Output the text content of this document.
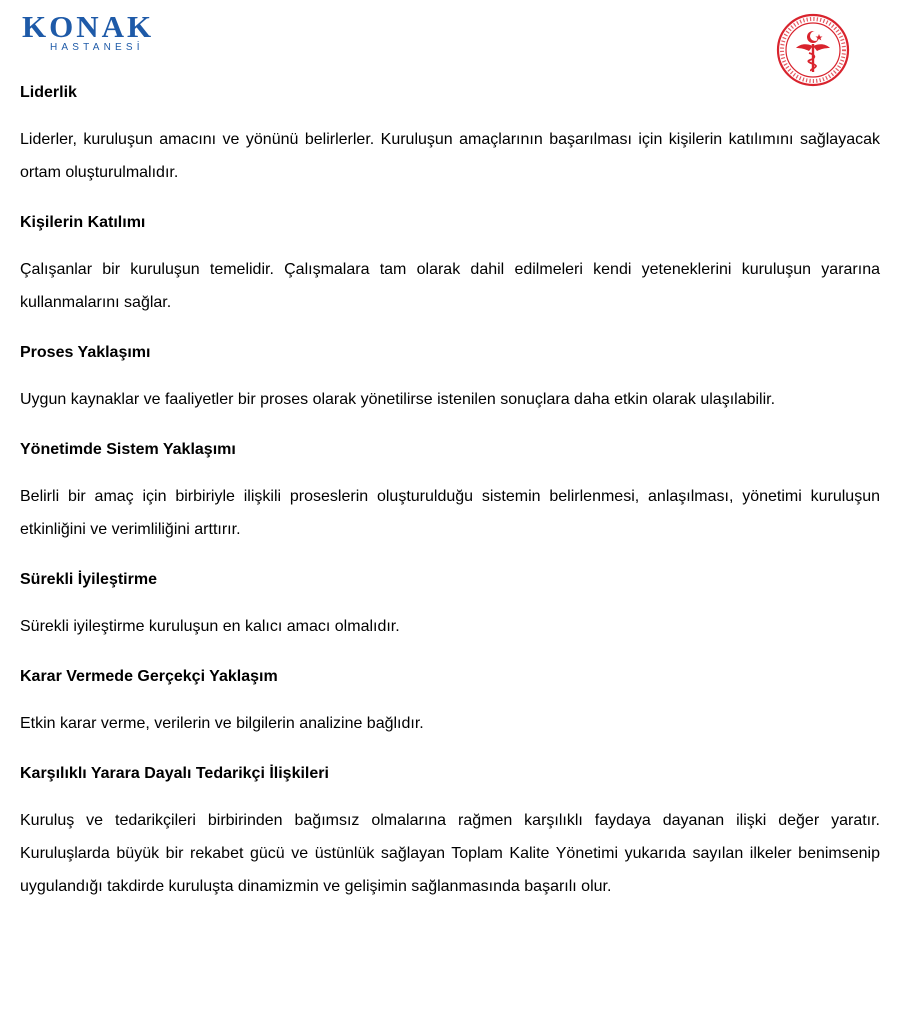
KONAK
HASTANESİ
Liderlik
Liderler, kuruluşun amacını ve yönünü belirlerler. Kuruluşun amaçlarının başarılması için kişilerin katılımını sağlayacak ortam oluşturulmalıdır.
Kişilerin Katılımı
Çalışanlar bir kuruluşun temelidir. Çalışmalara tam olarak dahil edilmeleri kendi yeteneklerini kuruluşun yararına kullanmalarını sağlar.
Proses Yaklaşımı
Uygun kaynaklar ve faaliyetler bir proses olarak yönetilirse istenilen sonuçlara daha etkin olarak ulaşılabilir.
Yönetimde Sistem Yaklaşımı
Belirli bir amaç için birbiriyle ilişkili proseslerin oluşturulduğu sistemin belirlenmesi, anlaşılması, yönetimi kuruluşun etkinliğini ve verimliliğini arttırır.
Sürekli İyileştirme
Sürekli iyileştirme kuruluşun en kalıcı amacı olmalıdır.
Karar Vermede Gerçekçi Yaklaşım
Etkin karar verme, verilerin ve bilgilerin analizine bağlıdır.
Karşılıklı Yarara Dayalı Tedarikçi İlişkileri
Kuruluş ve tedarikçileri birbirinden bağımsız olmalarına rağmen karşılıklı faydaya dayanan ilişki değer yaratır. Kuruluşlarda büyük bir rekabet gücü ve üstünlük sağlayan Toplam Kalite Yönetimi yukarıda sayılan ilkeler benimsenip uygulandığı takdirde kuruluşta dinamizmin ve gelişimin sağlanmasında başarılı olur.
